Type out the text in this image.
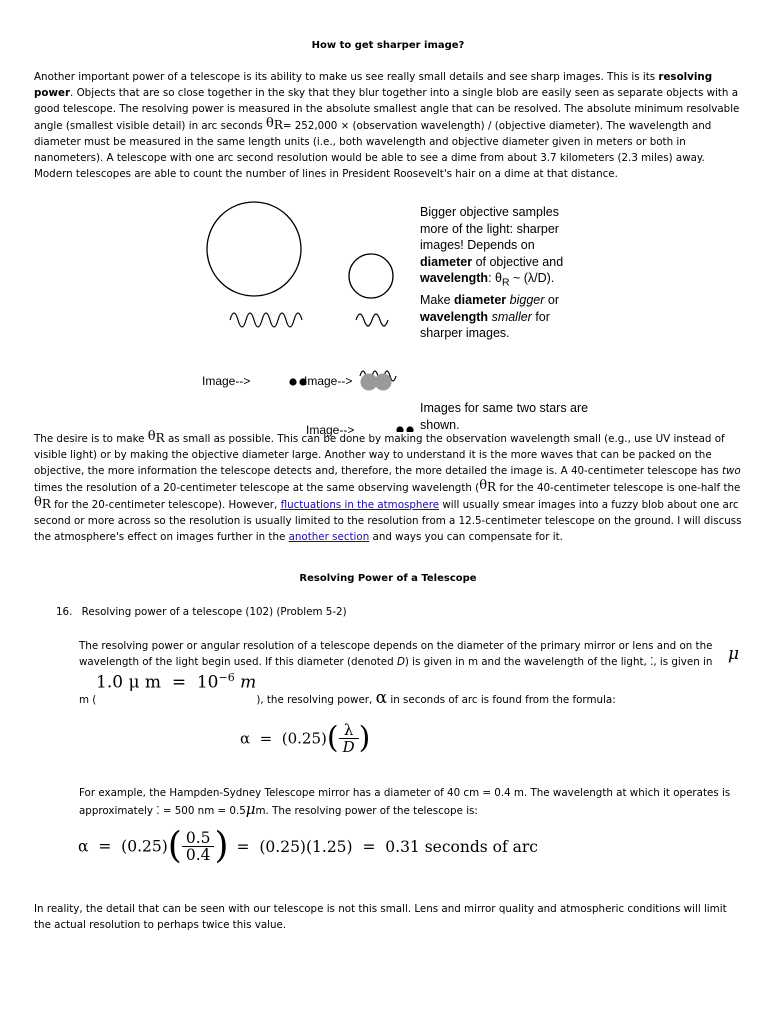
How to get sharper image?

Another important power of a telescope is its ability to make us see really small details and see sharp images. This is its resolving power. Objects that are so close together in the sky that they blur together into a single blob are easily seen as separate objects with a good telescope. The resolving power is measured in the absolute smallest angle that can be resolved. The absolute minimum resolvable angle (smallest visible detail) in arc seconds θR= 252,000 × (observation wavelength) / (objective diameter). The wavelength and diameter must be measured in the same length units (i.e., both wavelength and objective diameter given in meters or both in nanometers). A telescope with one arc second resolution would be able to see a dime from about 3.7 kilometers (2.3 miles) away. Modern telescopes are able to count the number of lines in President Roosevelt's hair on a dime at that distance.

Image-->	Image-->
Image-->
Bigger objective samples more of the light: sharper images! Depends on diameter of objective and wavelength: $\theta_R$ ~ (λ/D).
Make diameter bigger or wavelength smaller for sharper images.
Images for same two stars are shown.

The desire is to make θR as small as possible. This can be done by making the observation wavelength small (e.g., use UV instead of visible light) or by making the objective diameter large. Another way to understand it is the more waves that can be packed on the objective, the more information the telescope detects and, therefore, the more detailed the image is. A 40-centimeter telescope has two times the resolution of a 20-centimeter telescope at the same observing wavelength (θR for the 40-centimeter telescope is one-half the θR for the 20-centimeter telescope). However, fluctuations in the atmosphere will usually smear images into a fuzzy blob about one arc second or more across so the resolution is usually limited to the resolution from a 12.5-centimeter telescope on the ground. I will discuss the atmosphere's effect on images further in the another section and ways you can compensate for it.

Resolving Power of a Telescope
16. Resolving power of a telescope (102) (Problem 5-2)

The resolving power or angular resolution of a telescope depends on the diameter of the primary mirror or lens and on the wavelength of the light begin used. If this diameter (denoted D) is given in m and the wavelength of the light, ⁚, is given in μ
1.0 μ $m = 10^{-6}$ m

m (	), the resolving power, α in seconds of arc is found from the formula:

$\alpha = (0.25)( \frac{\lambda}{D}$ )

For example, the Hampden-Sydney Telescope mirror has a diameter of 40 cm = 0.4 m. The wavelength at which it operates is approximately ⁚ = 500 nm = 0.5μm. The resolving power of the telescope is:

$\alpha = (0.25)( \frac{0.5}{0.4}$ ) =  (0.25)(1.25)  =  0.31 seconds of arc

In reality, the detail that can be seen with our telescope is not this small. Lens and mirror quality and atmospheric conditions will limit the actual resolution to perhaps twice this value.
